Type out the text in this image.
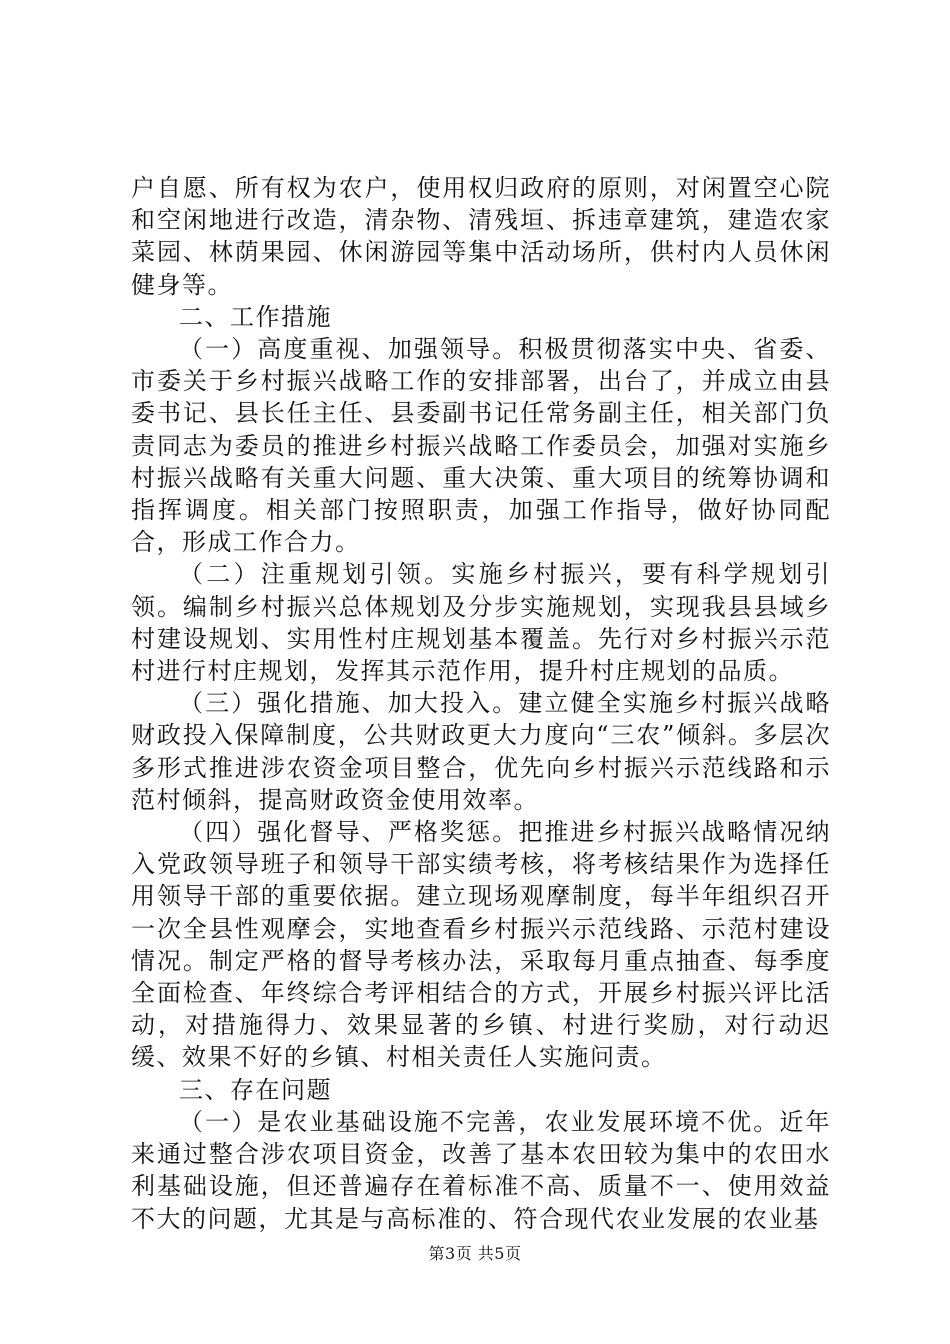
户自愿、所有权为农户，使用权归政府的原则，对闲置空心院和空闲地进行改造，清杂物、清残垣、拆违章建筑，建造农家菜园、林荫果园、休闲游园等集中活动场所，供村内人员休闲健身等。

二、工作措施

（一）高度重视、加强领导。积极贯彻落实中央、省委、市委关于乡村振兴战略工作的安排部署，出台了，并成立由县委书记、县长任主任、县委副书记任常务副主任，相关部门负责同志为委员的推进乡村振兴战略工作委员会，加强对实施乡村振兴战略有关重大问题、重大决策、重大项目的统筹协调和指挥调度。相关部门按照职责，加强工作指导，做好协同配合，形成工作合力。

（二）注重规划引领。实施乡村振兴，要有科学规划引领。编制乡村振兴总体规划及分步实施规划，实现我县县域乡村建设规划、实用性村庄规划基本覆盖。先行对乡村振兴示范村进行村庄规划，发挥其示范作用，提升村庄规划的品质。

（三）强化措施、加大投入。建立健全实施乡村振兴战略财政投入保障制度，公共财政更大力度向“三农”倾斜。多层次多形式推进涉农资金项目整合，优先向乡村振兴示范线路和示范村倾斜，提高财政资金使用效率。

（四）强化督导、严格奖惩。把推进乡村振兴战略情况纳入党政领导班子和领导干部实绩考核，将考核结果作为选择任用领导干部的重要依据。建立现场观摩制度，每半年组织召开一次全县性观摩会，实地查看乡村振兴示范线路、示范村建设情况。制定严格的督导考核办法，采取每月重点抽查、每季度全面检查、年终综合考评相结合的方式，开展乡村振兴评比活动，对措施得力、效果显著的乡镇、村进行奖励，对行动迟缓、效果不好的乡镇、村相关责任人实施问责。

三、存在问题

（一）是农业基础设施不完善，农业发展环境不优。近年来通过整合涉农项目资金，改善了基本农田较为集中的农田水利基础设施，但还普遍存在着标准不高、质量不一、使用效益不大的问题，尤其是与高标准的、符合现代农业发展的农业基

第3页 共5页
